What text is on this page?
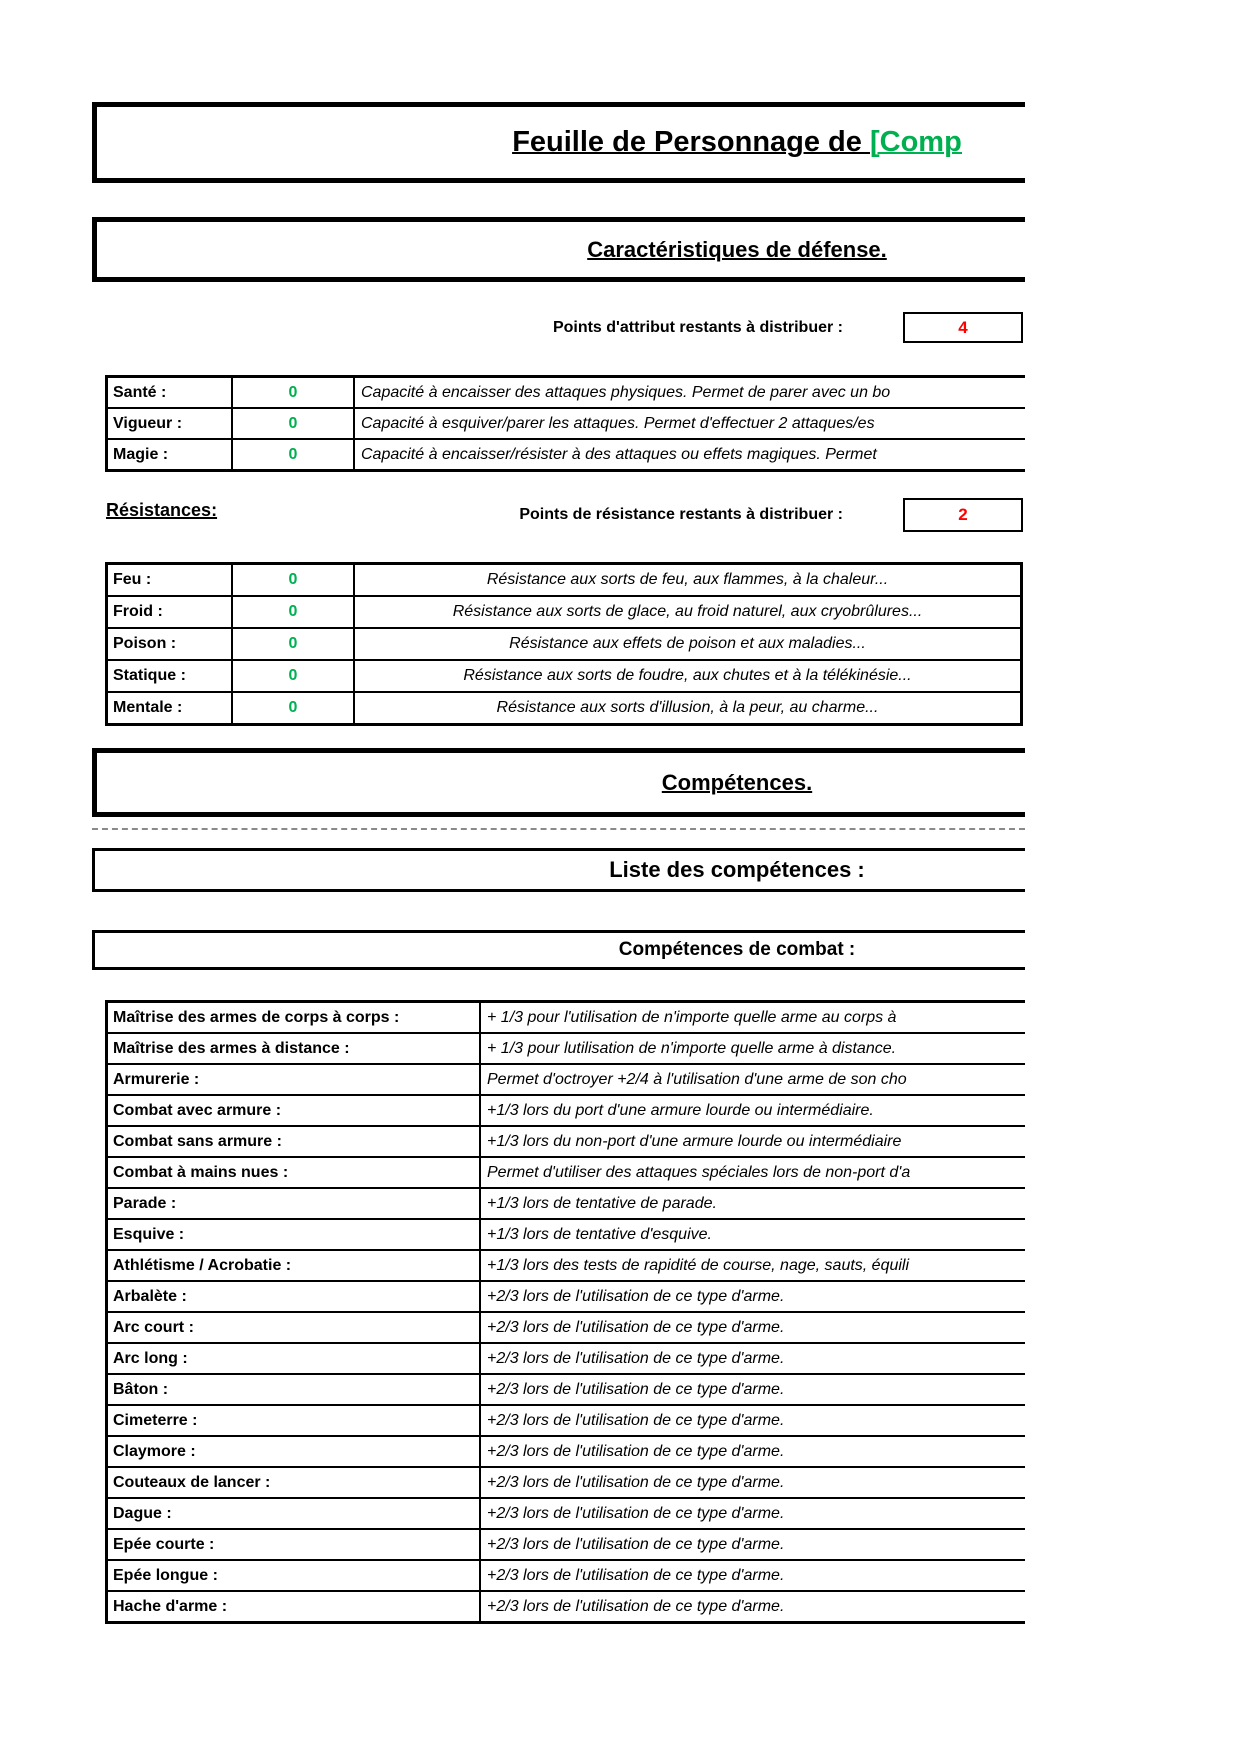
Feuille de Personnage de [Comp
Caractéristiques de défense.
Points d'attribut restants à distribuer :	4
Santé :	0	Capacité à encaisser des attaques physiques. Permet de parer avec un bo
Vigueur :	0	Capacité à esquiver/parer les attaques. Permet d'effectuer 2 attaques/es
Magie :	0	Capacité à encaisser/résister à des attaques ou effets magiques. Permet
Résistances:	Points de résistance restants à distribuer :	2
Feu :	0	Résistance aux sorts de feu, aux flammes, à la chaleur...
Froid :	0	Résistance aux sorts de glace, au froid naturel, aux cryobrûlures...
Poison :	0	Résistance aux effets de poison et aux maladies...
Statique :	0	Résistance aux sorts de foudre, aux chutes et à la télékinésie...
Mentale :	0	Résistance aux sorts d'illusion, à la peur, au charme...
Compétences.
Liste des compétences :
Compétences de combat :
Maîtrise des armes de corps à corps :	+ 1/3 pour l'utilisation de n'importe quelle arme au corps à
Maîtrise des armes à distance :	+ 1/3 pour lutilisation de n'importe quelle arme à distance.
Armurerie :	Permet d'octroyer +2/4 à l'utilisation d'une arme de son cho
Combat avec armure :	+1/3 lors du port d'une armure lourde ou intermédiaire.
Combat sans armure :	+1/3 lors du non-port d'une armure lourde ou intermédiaire
Combat à mains nues :	Permet d'utiliser des attaques spéciales lors de non-port d'a
Parade :	+1/3 lors de tentative de parade.
Esquive :	+1/3 lors de tentative d'esquive.
Athlétisme / Acrobatie :	+1/3 lors des tests de rapidité de course, nage, sauts, équili
Arbalète :	+2/3 lors de l'utilisation de ce type d'arme.
Arc court :	+2/3 lors de l'utilisation de ce type d'arme.
Arc long :	+2/3 lors de l'utilisation de ce type d'arme.
Bâton :	+2/3 lors de l'utilisation de ce type d'arme.
Cimeterre :	+2/3 lors de l'utilisation de ce type d'arme.
Claymore :	+2/3 lors de l'utilisation de ce type d'arme.
Couteaux de lancer :	+2/3 lors de l'utilisation de ce type d'arme.
Dague :	+2/3 lors de l'utilisation de ce type d'arme.
Epée courte :	+2/3 lors de l'utilisation de ce type d'arme.
Epée longue :	+2/3 lors de l'utilisation de ce type d'arme.
Hache d'arme :	+2/3 lors de l'utilisation de ce type d'arme.
